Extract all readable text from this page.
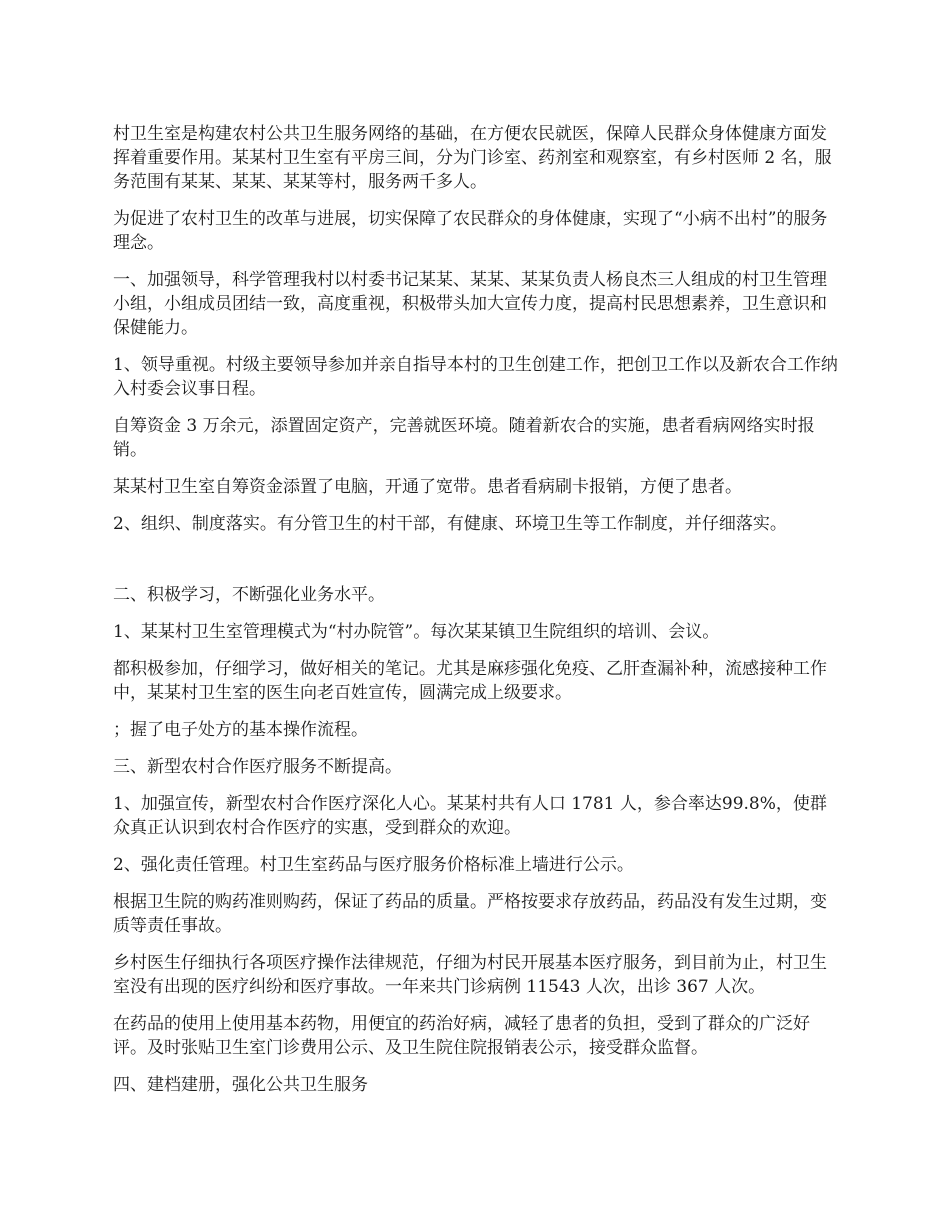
村卫生室是构建农村公共卫生服务网络的基础，在方便农民就医，保障人民群众身体健康方面发挥着重要作用。某某村卫生室有平房三间，分为门诊室、药剂室和观察室，有乡村医师 2 名，服务范围有某某、某某、某某等村，服务两千多人。

为促进了农村卫生的改革与进展，切实保障了农民群众的身体健康，实现了“小病不出村”的服务理念。

一、加强领导，科学管理我村以村委书记某某、某某、某某负责人杨良杰三人组成的村卫生管理小组，小组成员团结一致，高度重视，积极带头加大宣传力度，提高村民思想素养，卫生意识和保健能力。

1、领导重视。村级主要领导参加并亲自指导本村的卫生创建工作，把创卫工作以及新农合工作纳入村委会议事日程。

自筹资金 3 万余元，添置固定资产，完善就医环境。随着新农合的实施，患者看病网络实时报销。

某某村卫生室自筹资金添置了电脑，开通了宽带。患者看病刷卡报销，方便了患者。

2、组织、制度落实。有分管卫生的村干部，有健康、环境卫生等工作制度，并仔细落实。

二、积极学习，不断强化业务水平。

1、某某村卫生室管理模式为“村办院管”。每次某某镇卫生院组织的培训、会议。

都积极参加，仔细学习，做好相关的笔记。尤其是麻疹强化免疫、乙肝查漏补种，流感接种工作中，某某村卫生室的医生向老百姓宣传，圆满完成上级要求。

；握了电子处方的基本操作流程。

三、新型农村合作医疗服务不断提高。

1、加强宣传，新型农村合作医疗深化人心。某某村共有人口 1781 人，参合率达99.8%，使群众真正认识到农村合作医疗的实惠，受到群众的欢迎。

2、强化责任管理。村卫生室药品与医疗服务价格标准上墙进行公示。

根据卫生院的购药准则购药，保证了药品的质量。严格按要求存放药品，药品没有发生过期，变质等责任事故。

乡村医生仔细执行各项医疗操作法律规范，仔细为村民开展基本医疗服务，到目前为止，村卫生室没有出现的医疗纠纷和医疗事故。一年来共门诊病例 11543 人次，出诊 367 人次。

在药品的使用上使用基本药物，用便宜的药治好病，减轻了患者的负担，受到了群众的广泛好评。及时张贴卫生室门诊费用公示、及卫生院住院报销表公示，接受群众监督。

四、建档建册，强化公共卫生服务
